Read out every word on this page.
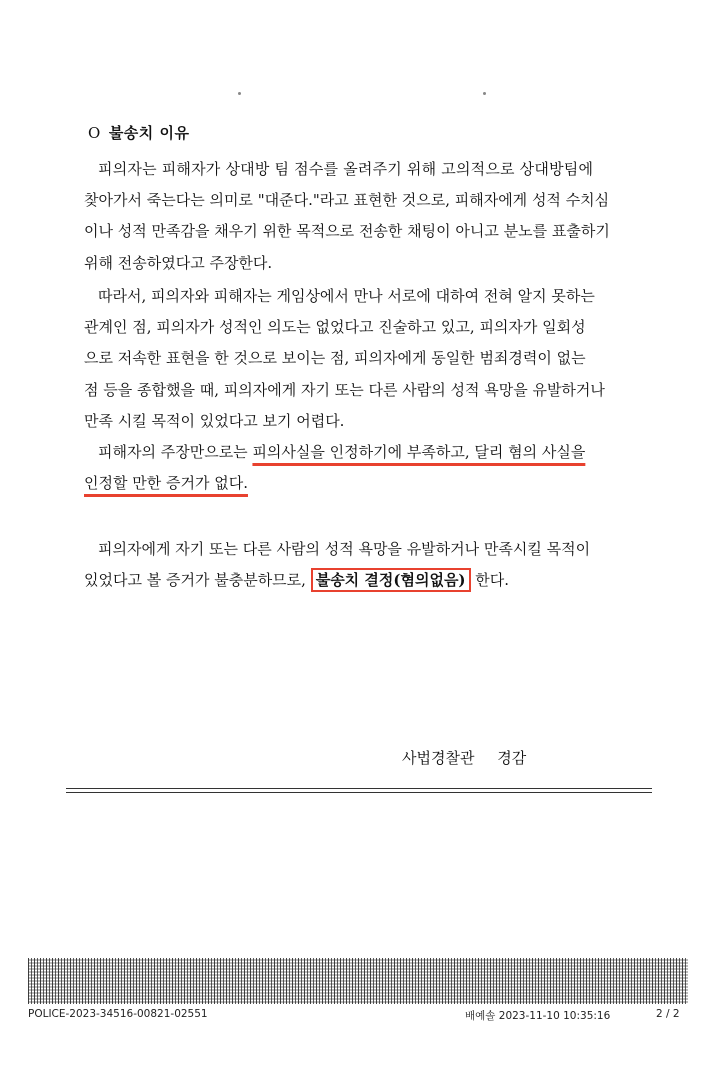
O 불송치 이유
피의자는 피해자가 상대방 팀 점수를 올려주기 위해 고의적으로 상대방팀에
찾아가서 죽는다는 의미로 "대준다."라고 표현한 것으로, 피해자에게 성적 수치심
이나 성적 만족감을 채우기 위한 목적으로 전송한 채팅이 아니고 분노를 표출하기
위해 전송하였다고 주장한다.
따라서, 피의자와 피해자는 게임상에서 만나 서로에 대하여 전혀 알지 못하는
관계인 점, 피의자가 성적인 의도는 없었다고 진술하고 있고, 피의자가 일회성
으로 저속한 표현을 한 것으로 보이는 점, 피의자에게 동일한 범죄경력이 없는
점 등을 종합했을 때, 피의자에게 자기 또는 다른 사람의 성적 욕망을 유발하거나
만족 시킬 목적이 있었다고 보기 어렵다.
피해자의 주장만으로는 피의사실을 인정하기에 부족하고, 달리 혐의 사실을
인정할 만한 증거가 없다.
피의자에게 자기 또는 다른 사람의 성적 욕망을 유발하거나 만족시킬 목적이
있었다고 볼 증거가 불충분하므로, 불송치 결정(혐의없음) 한다.
사법경찰관 경감
POLICE-2023-34516-00821-02551	배예솔 2023-11-10 10:35:16	2 / 2
